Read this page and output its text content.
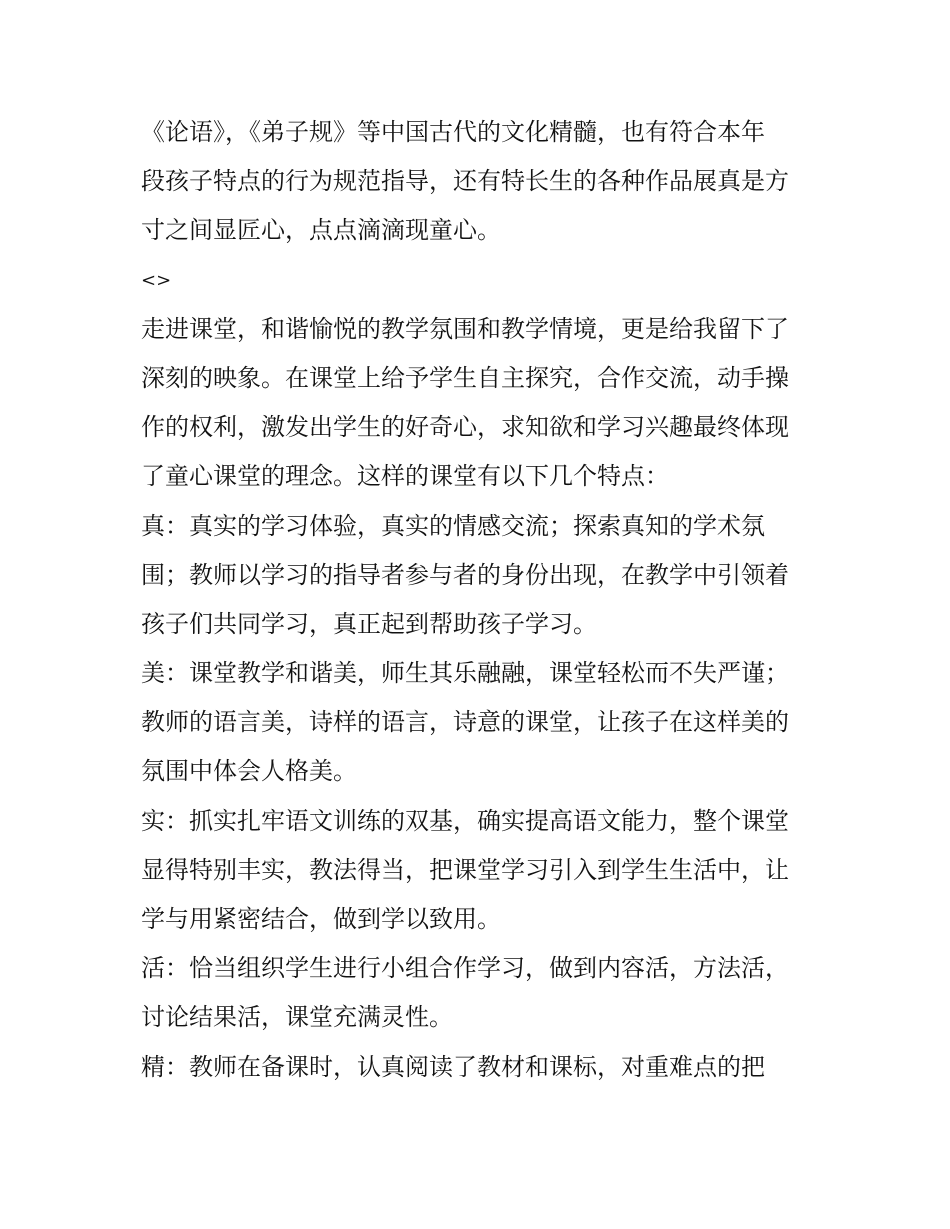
《论语》，《弟子规》等中国古代的文化精髓，也有符合本年
段孩子特点的行为规范指导，还有特长生的各种作品展真是方
寸之间显匠心，点点滴滴现童心。
<>
走进课堂，和谐愉悦的教学氛围和教学情境，更是给我留下了
深刻的映象。在课堂上给予学生自主探究，合作交流，动手操
作的权利，激发出学生的好奇心，求知欲和学习兴趣最终体现
了童心课堂的理念。这样的课堂有以下几个特点：
真：真实的学习体验，真实的情感交流；探索真知的学术氛
围；教师以学习的指导者参与者的身份出现，在教学中引领着
孩子们共同学习，真正起到帮助孩子学习。
美：课堂教学和谐美，师生其乐融融，课堂轻松而不失严谨；
教师的语言美，诗样的语言，诗意的课堂，让孩子在这样美的
氛围中体会人格美。
实：抓实扎牢语文训练的双基，确实提高语文能力，整个课堂
显得特别丰实，教法得当，把课堂学习引入到学生生活中，让
学与用紧密结合，做到学以致用。
活：恰当组织学生进行小组合作学习，做到内容活，方法活，
讨论结果活，课堂充满灵性。
精：教师在备课时，认真阅读了教材和课标，对重难点的把
